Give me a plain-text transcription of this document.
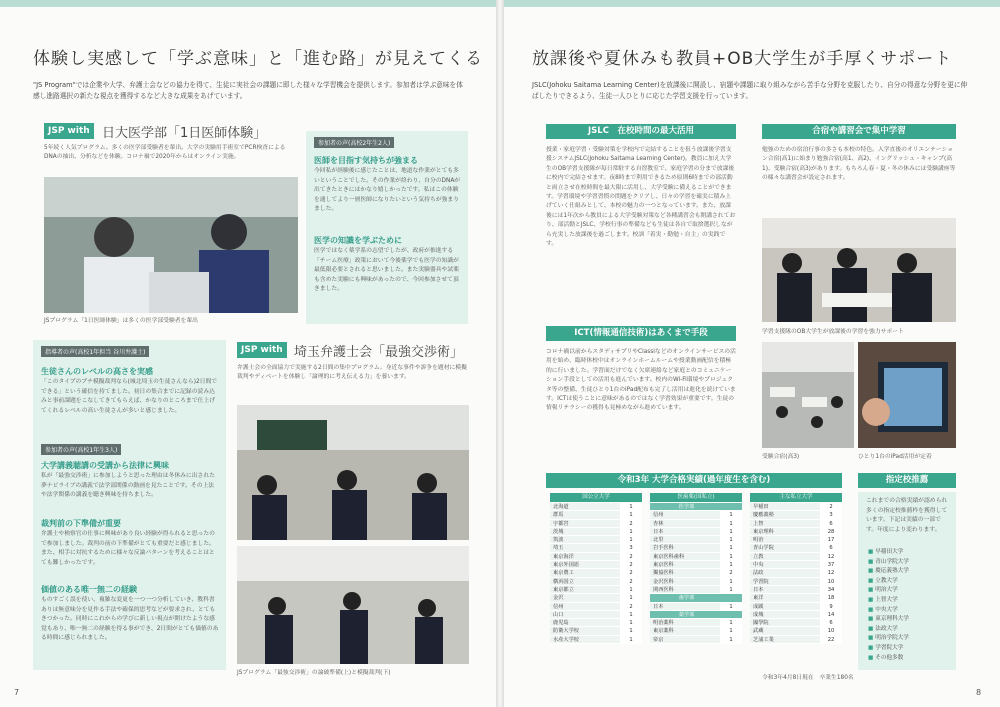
体験し実感して「学ぶ意味」と「進む路」が見えてくる
"JS Program"では企業や大学、弁護士会などの協力を得て、生徒に実社会の課題に即した様々な学習機会を提供します。参加者は学ぶ意味を体感し進路選択の新たな視点を獲得するなど大きな成果をあげています。
JSP with 日大医学部「1日医師体験」
5年続く人気プログラム。多くの医学部受験者を輩出。大学の実験用手術室でPCR検査によるDNAの抽出、分析などを体験。コロナ禍で2020年からはオンライン実施。
JSプログラム「1日医師体験」は多くの医学部受験者を輩出
参加者の声(高校2年生2人)
医師を目指す気持ちが強まる
今回私が経験後に感じたことは、地道な作業がとても多いということでした。その作業が終わり、自分のDNAが出てきたときにはかなり嬉しかったです。私はこの体験を通してより一層医師になりたいという気持ちが強まりました。
医学の知識を学ぶために
医学ではなく薬学系の志望でしたが、政府が推進する「チーム医療」政策において今後薬学でも医学の知識が最低限必要とされると思いました。また実験器具や試薬も含めた実験にも興味があったので、今回参加させて頂きました。
指導者の声(高校1年担当 谷川弁護士)
生徒さんのレベルの高さを実感
「このタイプのプチ模擬裁判なら(城北埼玉の生徒さんなら)2日間でできる」という確信を持てました。初日の集合までに記録の読み込みと事前課題をこなしてきてもらえば、かなりのところまで仕上げてくれるレベルの高い生徒さんが多いと感じました。
参加者の声(高校1年生3人)
大学講義聴講の受講から法律に興味
私が「最強交渉術」に参加しようと思った理由は冬休みに出された夢ナビライブの講義で法学部関係の動画を見たことです。その上法や法学関係の講義を聴き興味を持ちました。
裁判前の下準備が重要
弁護士や検察官の仕事に興味があり良い経験が得られると思ったので参加しました。裁判の前の下準備がとても重要だと感じました。また、相手に対抗するために様々な反論パターンを考えることはとても難しかったです。
価値のある唯一無二の経験
ものすごく誤を使い、複雑な変更を一つ一つ分析していき、教科書ありは無意味分を見作る手法や確保的思考などが要求され、とてもきつかった。同時にこれからの学びに新しい視点が開けたような感覚もあり、唯一無二の経験を得る事ができ、2日間がとても価値のある時間に感じられました。
JSP with 埼玉弁護士会「最強交渉術」
弁護士会の全面協力で実施する2日間の集中プログラム。身近な事件や訴争を題材に模擬裁判やディベートを体験し「論理的に考え伝える力」を養います。
JSプログラム「最強交渉術」の論破準備(上)と模擬裁判(下)
7
放課後や夏休みも教員+OB大学生が手厚くサポート
JSLC(Johoku Saitama Learning Center)を放課後に開設し、宿題や課題に取り組みながら苦手な分野を克服したり、自分の得意な分野を更に伸ばしたりできるよう、生徒一人ひとりに応じた学習支援を行っています。
JSLC　在校時間の最大活用
授業・家庭学習・受験対策を学校内で完結することを狙う放課後学習支援システムJSLC(Johoku Saitama Learning Center)。教員に加え大学生のOB学習支援隊が毎日常駐する自習教室で、家庭学習の分まで放課後に校内で完結させます。夜8時まで利用できるため原則6時までの部活動と両立させ在校時間を最大限に活用し、大学受験に備えることができます。学習環境や学習習慣の問題をクリアし、日々の学習を確実に積み上げていく仕組みとして、本校の魅力の一つとなっています。また、放課後には1年次から教員による大学受験対策など各種講習会も開講されており、部活動とJSLC、学校行事の準備なども生徒は各自で取捨選択しながら充実した放課後を過ごします。校訓「着実・勤勉・自主」の実践です。
合宿や講習会で集中学習
勉強のための宿泊行事の多さも本校の特色。入学直後のオリエンテーション合宿(高1)に始まり勉強合宿(高1、高2)、イングリッシュ・キャンプ(高1)、受験合宿(高3)があります。もちろん春・夏・冬の休みには受験講座等の様々な講習会が設定されます。
学習支援隊のOB大学生が放課後の学習を強力サポート
ICT(情報通信技術)はあくまで手段
コロナ禍以前からスタディサプリやClassiなどのオンラインサービスの活用を始め、臨時休校中はオンラインホームルームや授業動画配信を積極的に行いました。学習面だけでなく欠席連絡など家庭とのコミュニケーション手段としての活用も進んでいます。校内のWi-Fi環境やプロジェクタ等の整備、生徒ひとり1台のiPad配布も完了し活用は進化を続けています。ICTは使うことに意味があるのではなく学習効果が重要です。生徒の情報リテラシーの獲得も見極めながら進めています。
受験合宿(高3)	ひとり1台のiPad活用が定着
令和3年 大学合格実績(過年度生を含む)
国公立大学
北海道	1
群馬	1
宇都宮	2
茨城	1
筑波	1
埼玉	3
東京海洋	2
東京外国語	2
東京農工	2
横浜国立	2
東京都立	1
金沢	1
信州	2
山口	1
鹿児島	1
防衛大学校	1
水産大学校	1
医歯薬(国私立)
医学部
信州	1
杏林	1
日本	1
北里	1
岩手医科	1
東京医科歯科	1
東京医科	1
獨協医科	2
金沢医科	1
関西医科	1
歯学部
日本	1
薬学部
明治薬科	1
東京薬科	1
帝京	1
主な私立大学
早稲田	2
慶應義塾	3
上智	6
東京理科	28
明治	17
青山学院	6
立教	12
中央	37
法政	12
学習院	10
日本	34
東洋	18
成蹊	9
成城	14
國學院	6
武蔵	10
芝浦工業	22
令和3年4月8日現在　卒業生180名
指定校推薦
これまでの合格実績が認められ多くの指定校推薦枠を獲得しています。下記は実績の一部です。年度により変わります。
■ 早稲田大学
■ 青山学院大学
■ 慶応義塾大学
■ 立教大学
■ 明治大学
■ 上智大学
■ 中央大学
■ 東京理科大学
■ 法政大学
■ 明治学院大学
■ 学習院大学
■ その他多数
8
